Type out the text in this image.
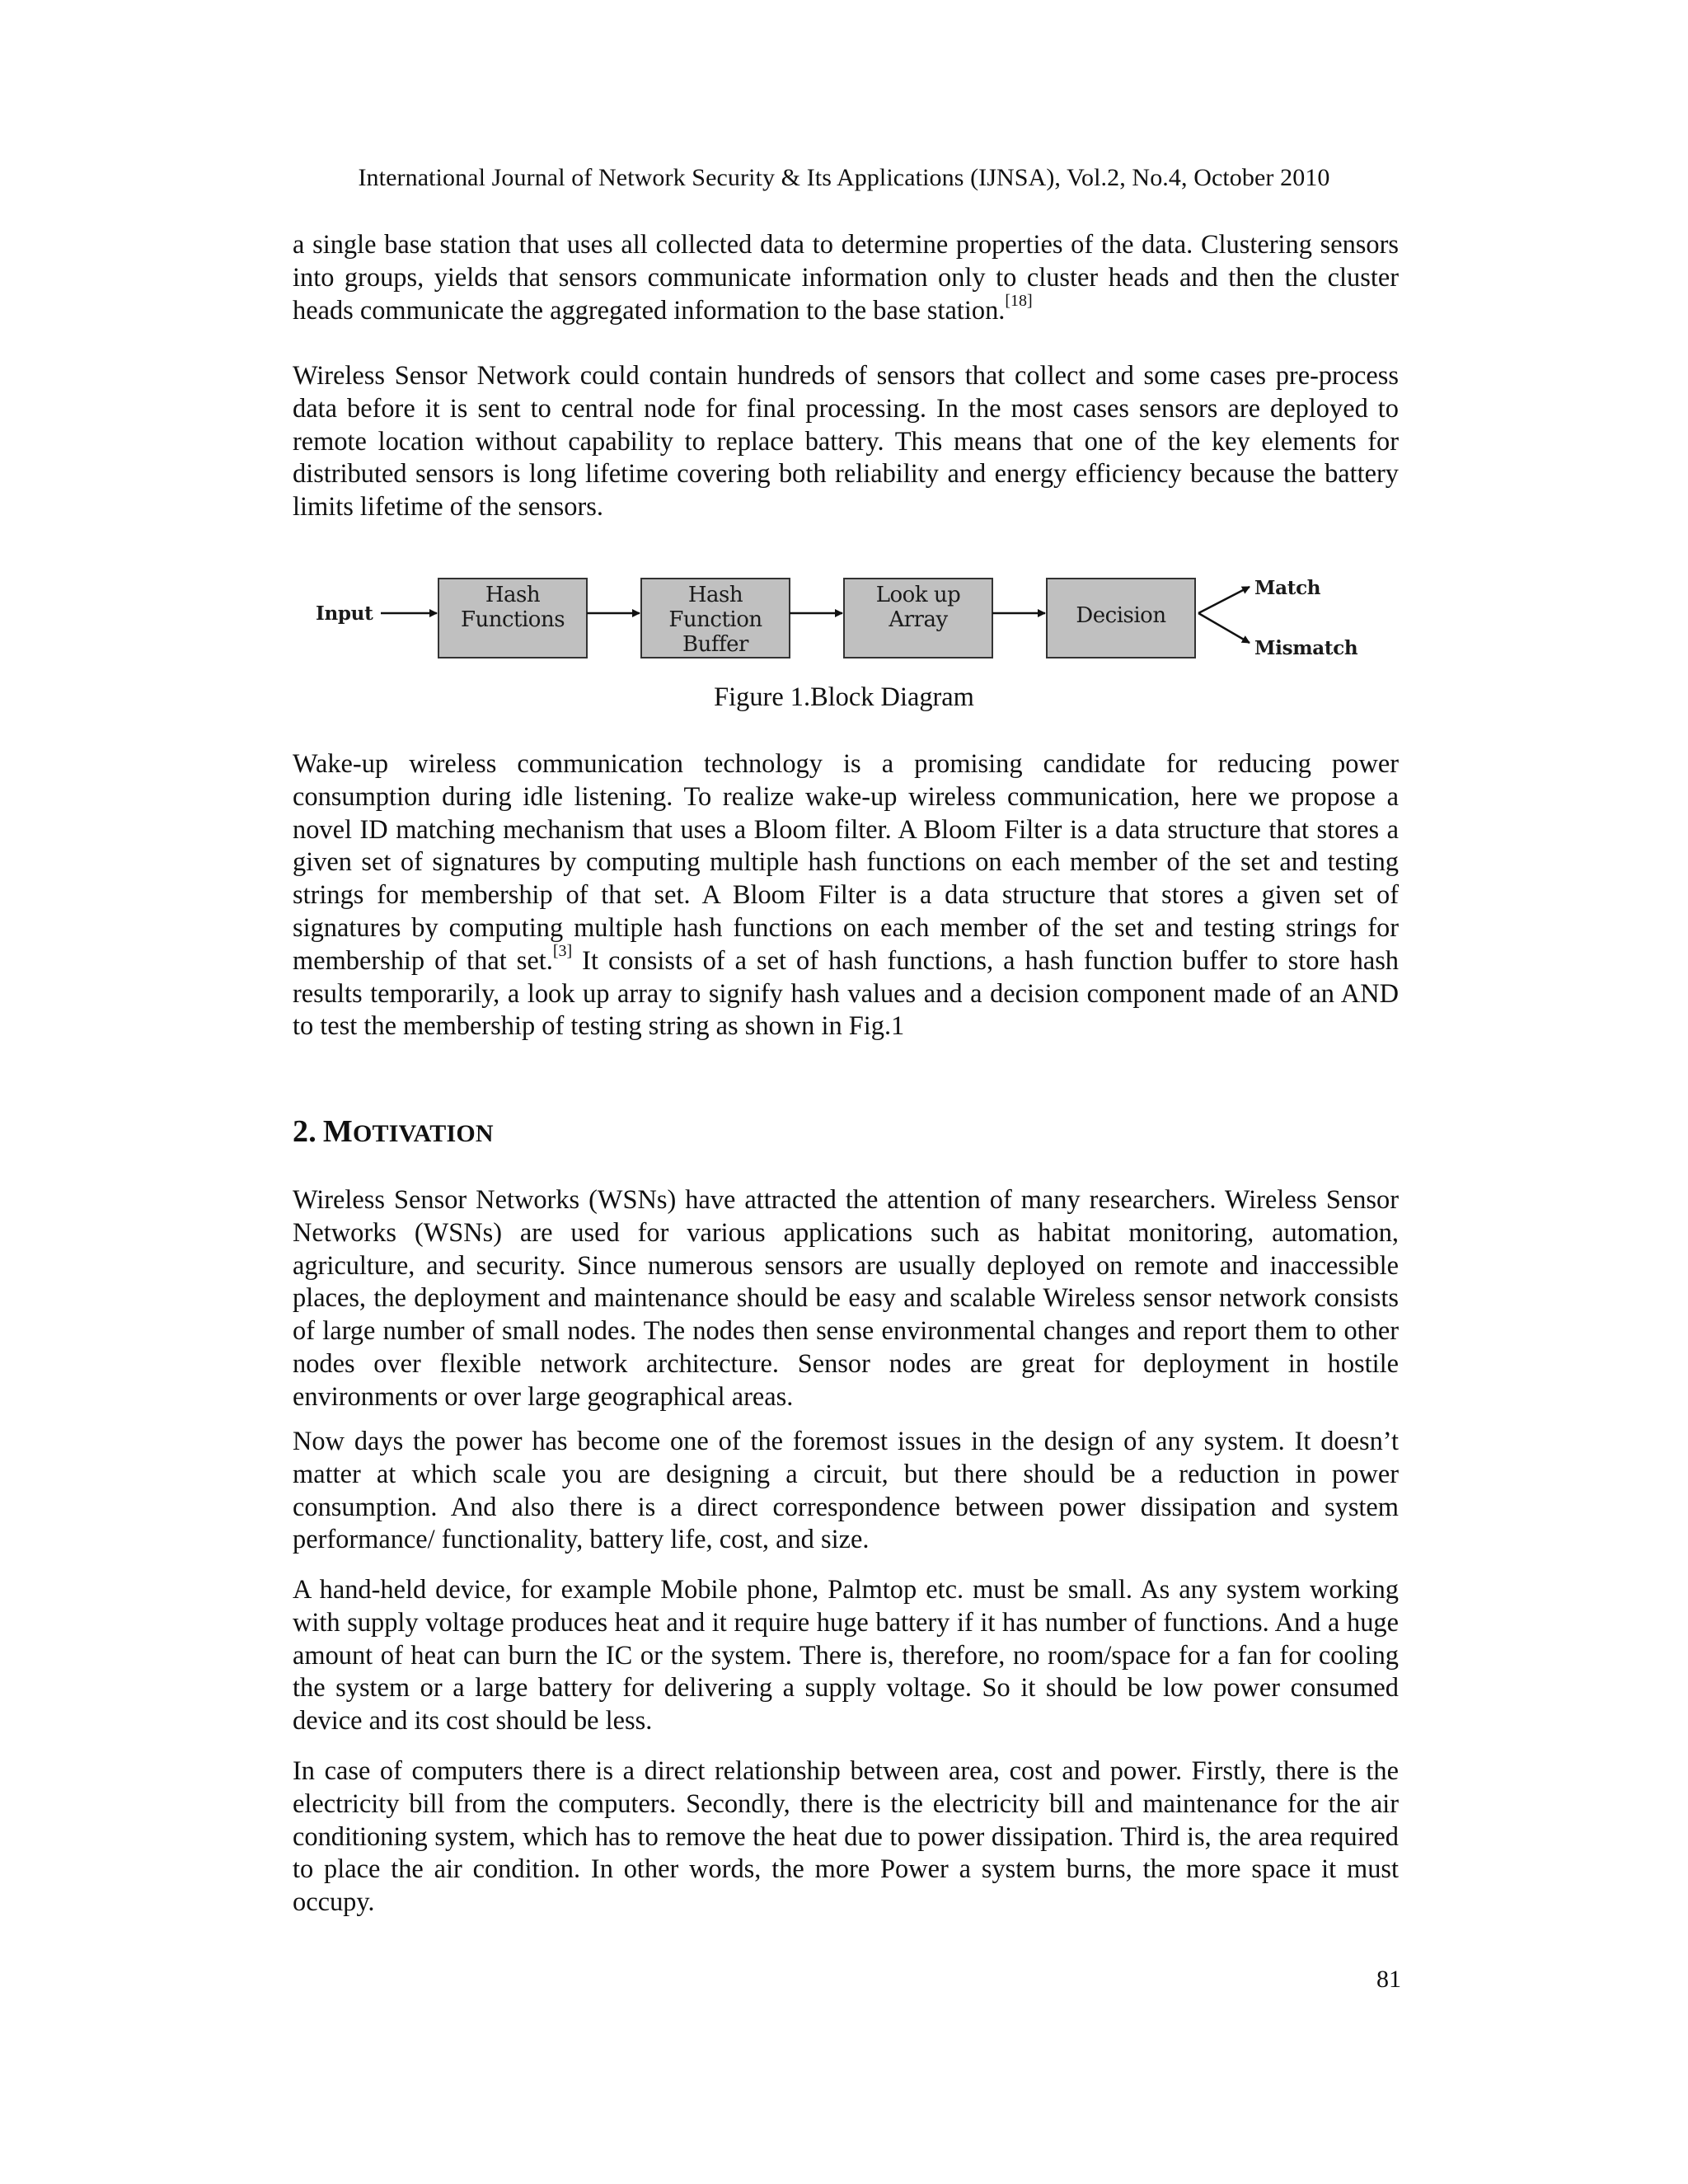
International Journal of Network Security & Its Applications (IJNSA), Vol.2, No.4, October 2010

a single base station that uses all collected data to determine properties of the data. Clustering sensors into groups, yields that sensors communicate information only to cluster heads and then the cluster heads communicate the aggregated information to the base station.[18]

Wireless Sensor Network could contain hundreds of sensors that collect and some cases pre-process data before it is sent to central node for final processing. In the most cases sensors are deployed to remote location without capability to replace battery. This means that one of the key elements for distributed sensors is long lifetime covering both reliability and energy efficiency because the battery limits lifetime of the sensors.

Input
Hash
Functions
Hash
Function
Buffer
Look up
Array	Decision
Match
Mismatch
Figure 1.Block Diagram

Wake-up wireless communication technology is a promising candidate for reducing power consumption during idle listening. To realize wake-up wireless communication, here we propose a novel ID matching mechanism that uses a Bloom filter. A Bloom Filter is a data structure that stores a given set of signatures by computing multiple hash functions on each member of the set and testing strings for membership of that set. A Bloom Filter is a data structure that stores a given set of signatures by computing multiple hash functions on each member of the set and testing strings for membership of that set.[3] It consists of a set of hash functions, a hash function buffer to store hash results temporarily, a look up array to signify hash values and a decision component made of an AND to test the membership of testing string as shown in Fig.1

2. MOTIVATION

Wireless Sensor Networks (WSNs) have attracted the attention of many researchers. Wireless Sensor Networks (WSNs) are used for various applications such as habitat monitoring, automation, agriculture, and security. Since numerous sensors are usually deployed on remote and inaccessible places, the deployment and maintenance should be easy and scalable Wireless sensor network consists of large number of small nodes. The nodes then sense environmental changes and report them to other nodes over flexible network architecture. Sensor nodes are great for deployment in hostile environments or over large geographical areas.

Now days the power has become one of the foremost issues in the design of any system. It doesn’t matter at which scale you are designing a circuit, but there should be a reduction in power consumption. And also there is a direct correspondence between power dissipation and system performance/ functionality, battery life, cost, and size.

A hand-held device, for example Mobile phone, Palmtop etc. must be small. As any system working with supply voltage produces heat and it require huge battery if it has number of functions. And a huge amount of heat can burn the IC or the system. There is, therefore, no room/space for a fan for cooling the system or a large battery for delivering a supply voltage. So it should be low power consumed device and its cost should be less.

In case of computers there is a direct relationship between area, cost and power. Firstly, there is the electricity bill from the computers. Secondly, there is the electricity bill and maintenance for the air conditioning system, which has to remove the heat due to power dissipation. Third is, the area required to place the air condition. In other words, the more Power a system burns, the more space it must occupy.

81
